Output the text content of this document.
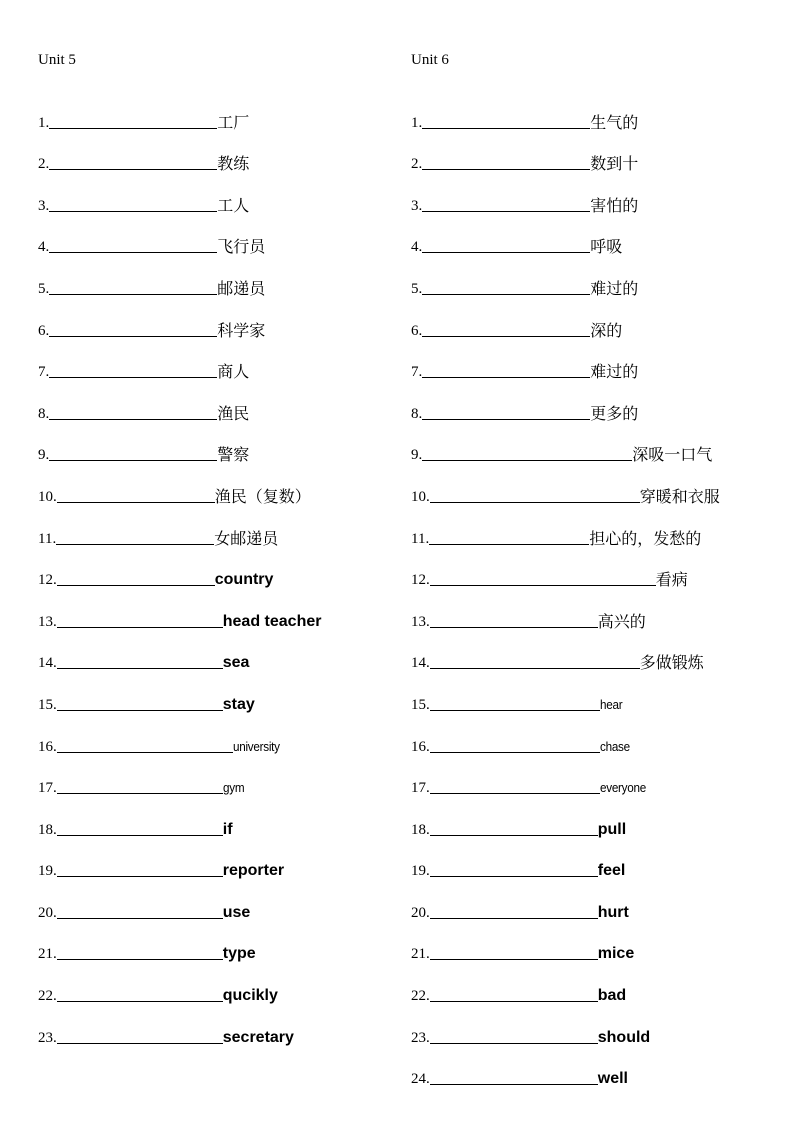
Unit 5
1.	工厂
2.	教练
3.	工人
4.	飞行员
5.	邮递员
6.	科学家
7.	商人
8.	渔民
9.	警察
10.	渔民（复数）
11.	女邮递员
12.	country
13.	head teacher
14.	sea
15.	stay
16.	university
17.	gym
18.	if
19.	reporter
20.	use
21.	type
22.	qucikly
23.	secretary
Unit 6
1.	生气的
2.	数到十
3.	害怕的
4.	呼吸
5.	难过的
6.	深的
7.	难过的
8.	更多的
9.	深吸一口气
10.	穿暖和衣服
11.	担心的，发愁的
12.	看病
13.	高兴的
14.	多做锻炼
15.	hear
16.	chase
17.	everyone
18.	pull
19.	feel
20.	hurt
21.	mice
22.	bad
23.	should
24.	well
